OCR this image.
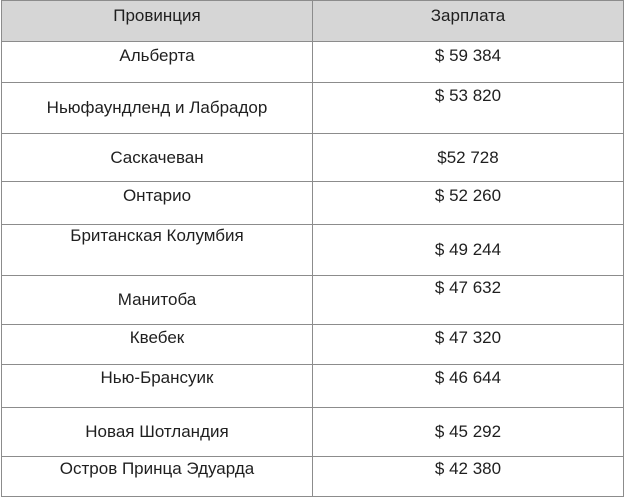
Провинция	Зарплата
Альберта	$ 59 384
Ньюфаундленд и Лабрадор	$ 53 820
Саскачеван	$52 728
Онтарио	$ 52 260
Британская Колумбия	$ 49 244
Манитоба	$ 47 632
Квебек	$ 47 320
Нью-Брансуик	$ 46 644
Новая Шотландия	$ 45 292
Остров Принца Эдуарда	$ 42 380
